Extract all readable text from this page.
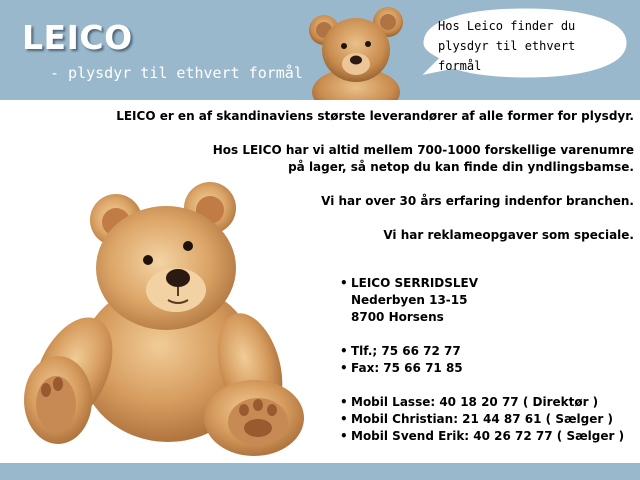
LEICO
- plysdyr til ethvert formål
Hos Leico finder du
plysdyr til ethvert formål

LEICO er en af skandinaviens største leverandører af alle former for plysdyr.

Hos LEICO har vi altid mellem 700-1000 forskellige varenumre
på lager, så netop du kan finde din yndlingsbamse.

Vi har over 30 års erfaring indenfor branchen.

Vi har reklameopgaver som speciale.

• LEICO SERRIDSLEV
Nederbyen 13-15
8700 Horsens
• Tlf.; 75 66 72 77
• Fax: 75 66 71 85
• Mobil Lasse: 40 18 20 77 ( Direktør )
• Mobil Christian: 21 44 87 61 ( Sælger )
• Mobil Svend Erik: 40 26 72 77 ( Sælger )
